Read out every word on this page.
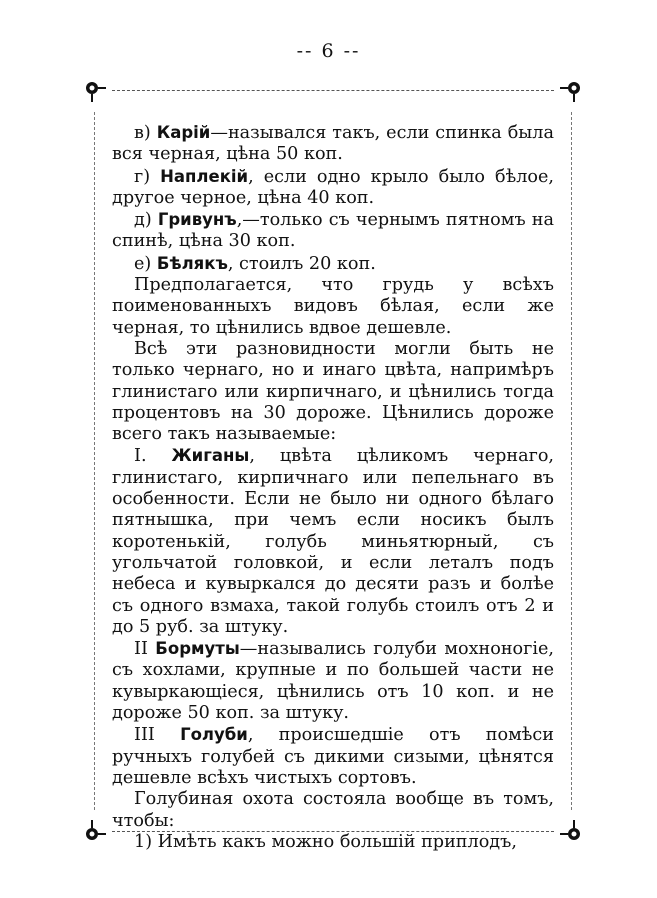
-- 6 --

в) Карій—назывался такъ, если спинка была вся черная, цѣна 50 коп.

г) Наплекій, если одно крыло было бѣлое, другое черное, цѣна 40 коп.

д) Гривунъ,—только съ чернымъ пятномъ на спинѣ, цѣна 30 коп.

е) Бѣлякъ, стоилъ 20 коп.

Предполагается, что грудь у всѣхъ поименованныхъ видовъ бѣлая, если же черная, то цѣнились вдвое дешевле.

Всѣ эти разновидности могли быть не только чернаго, но и инаго цвѣта, напримѣръ глинистаго или кирпичнаго, и цѣнились тогда процентовъ на 30 дороже. Цѣнились дороже всего такъ называемые:

I. Жиганы, цвѣта цѣликомъ чернаго, глинистаго, кирпичнаго или пепельнаго въ особенности. Если не было ни одного бѣлаго пятнышка, при чемъ если носикъ былъ коротенькій, голубь миньятюрный, съ угольчатой головкой, и если леталъ подъ небеса и кувыркался до десяти разъ и болѣе съ одного взмаха, такой голубь стоилъ отъ 2 и до 5 руб. за штуку.

II Бормуты—назывались голуби мохноногіе, съ хохлами, крупные и по большей части не кувыркающіеся, цѣнились отъ 10 коп. и не дороже 50 коп. за штуку.

III Голуби, происшедшіе отъ помѣси ручныхъ голубей съ дикими сизыми, цѣнятся дешевле всѣхъ чистыхъ сортовъ.

Голубиная охота состояла вообще въ томъ, чтобы:

1) Имѣть какъ можно большій приплодъ,
